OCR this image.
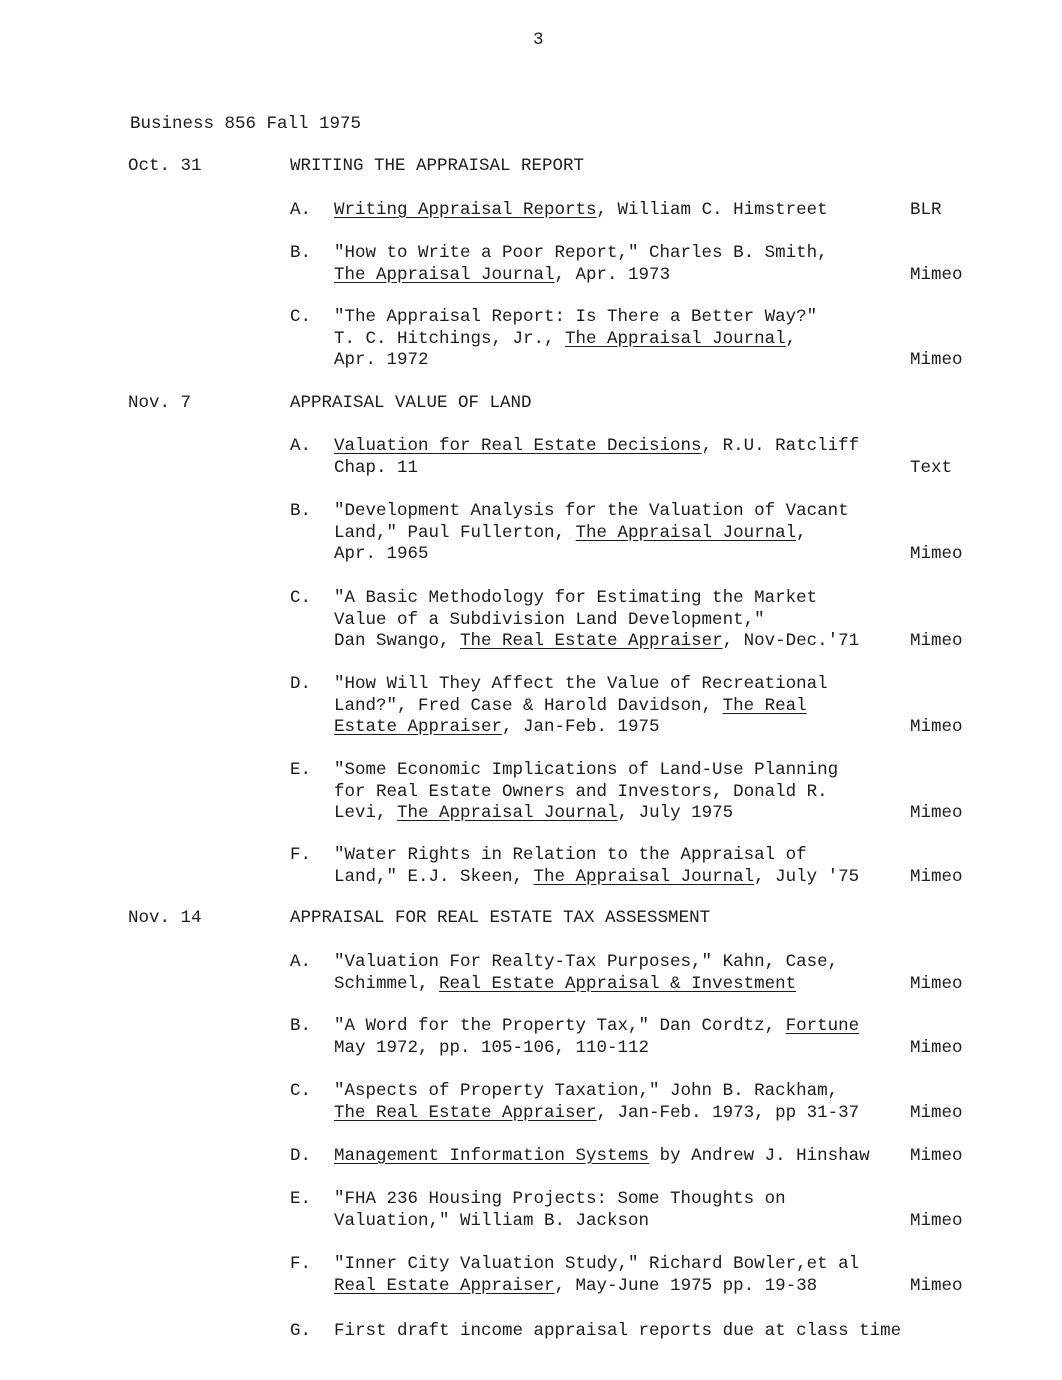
3
Business 856 Fall 1975
Oct. 31	WRITING THE APPRAISAL REPORT
A. Writing Appraisal Reports, William C. Himstreet	BLR
B. "How to Write a Poor Report," Charles B. Smith,
The Appraisal Journal, Apr. 1973	Mimeo
C. "The Appraisal Report: Is There a Better Way?"
T. C. Hitchings, Jr., The Appraisal Journal,
Apr. 1972	Mimeo
Nov. 7	APPRAISAL VALUE OF LAND
A. Valuation for Real Estate Decisions, R.U. Ratcliff
Chap. 11	Text
B. "Development Analysis for the Valuation of Vacant
Land," Paul Fullerton, The Appraisal Journal,
Apr. 1965	Mimeo
C. "A Basic Methodology for Estimating the Market
Value of a Subdivision Land Development,"
Dan Swango, The Real Estate Appraiser, Nov-Dec.'71	Mimeo
D. "How Will They Affect the Value of Recreational
Land?", Fred Case & Harold Davidson, The Real
Estate Appraiser, Jan-Feb. 1975	Mimeo
E. "Some Economic Implications of Land-Use Planning
for Real Estate Owners and Investors, Donald R.
Levi, The Appraisal Journal, July 1975	Mimeo
F. "Water Rights in Relation to the Appraisal of
Land," E.J. Skeen, The Appraisal Journal, July '75	Mimeo
Nov. 14	APPRAISAL FOR REAL ESTATE TAX ASSESSMENT
A. "Valuation For Realty-Tax Purposes," Kahn, Case,
Schimmel, Real Estate Appraisal & Investment	Mimeo
B. "A Word for the Property Tax," Dan Cordtz, Fortune
May 1972, pp. 105-106, 110-112	Mimeo
C. "Aspects of Property Taxation," John B. Rackham,
The Real Estate Appraiser, Jan-Feb. 1973, pp 31-37	Mimeo
D. Management Information Systems by Andrew J. Hinshaw	Mimeo
E. "FHA 236 Housing Projects: Some Thoughts on
Valuation," William B. Jackson	Mimeo
F. "Inner City Valuation Study," Richard Bowler,et al
Real Estate Appraiser, May-June 1975 pp. 19-38	Mimeo
G. First draft income appraisal reports due at class time
